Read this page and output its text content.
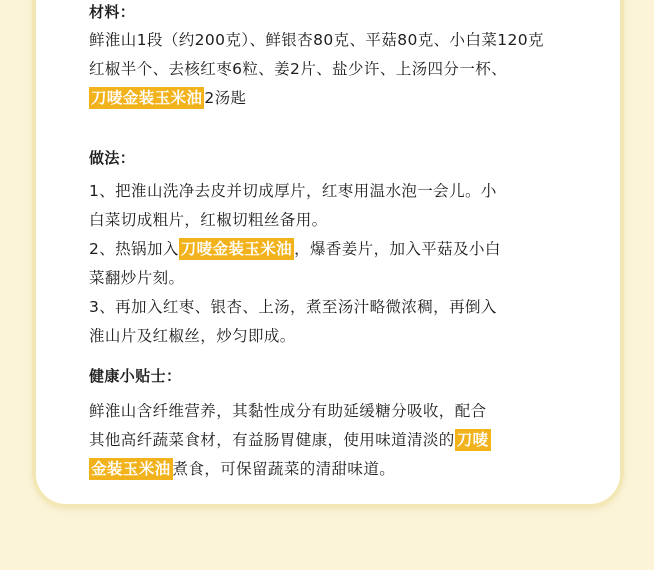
材料：

鲜淮山1段（约200克）、鲜银杏80克、平菇80克、小白菜120克

红椒半个、去核红枣6粒、姜2片、盐少许、上汤四分一杯、

刀唛金装玉米油 2汤匙

做法：

1、把淮山洗净去皮并切成厚片，红枣用温水泡一会儿。小

白菜切成粗片，红椒切粗丝备用。

2、热锅加入 刀唛金装玉米油 ，爆香姜片，加入平菇及小白

菜翻炒片刻。

3、再加入红枣、银杏、上汤，煮至汤汁略微浓稠，再倒入

淮山片及红椒丝，炒匀即成。

健康小贴士：

鲜淮山含纤维营养，其黏性成分有助延缓糖分吸收，配合

其他高纤蔬菜食材，有益肠胃健康，使用味道清淡的 刀唛

金装玉米油 煮食，可保留蔬菜的清甜味道。
